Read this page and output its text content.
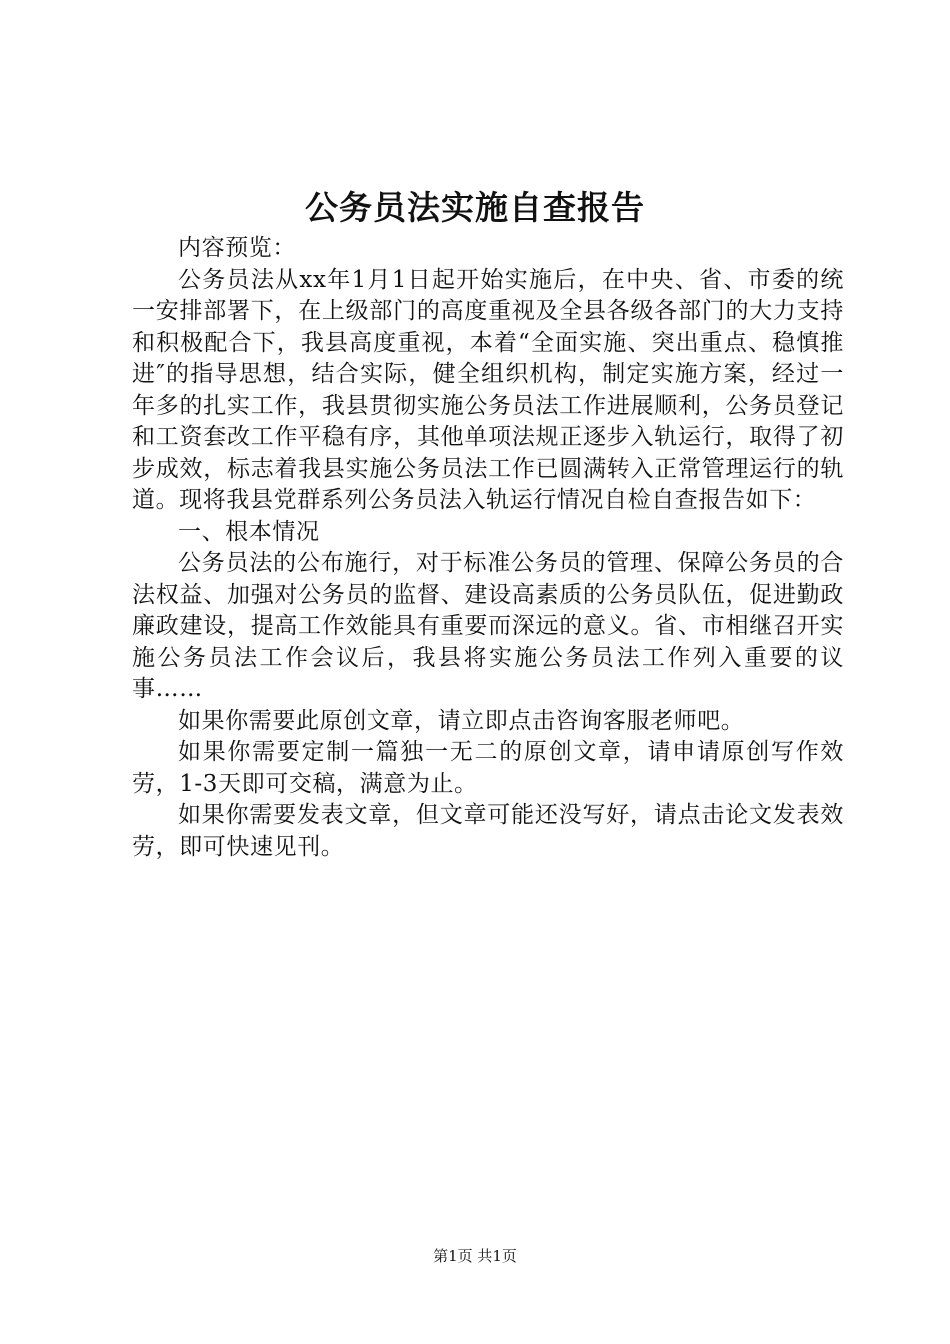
公务员法实施自查报告

内容预览：

公务员法从xx年1月1日起开始实施后，在中央、省、市委的统一安排部署下，在上级部门的高度重视及全县各级各部门的大力支持和积极配合下，我县高度重视，本着“全面实施、突出重点、稳慎推进″的指导思想，结合实际，健全组织机构，制定实施方案，经过一年多的扎实工作，我县贯彻实施公务员法工作进展顺利，公务员登记和工资套改工作平稳有序，其他单项法规正逐步入轨运行，取得了初步成效，标志着我县实施公务员法工作已圆满转入正常管理运行的轨道。现将我县党群系列公务员法入轨运行情况自检自查报告如下：

一、根本情况

公务员法的公布施行，对于标准公务员的管理、保障公务员的合法权益、加强对公务员的监督、建设高素质的公务员队伍，促进勤政廉政建设，提高工作效能具有重要而深远的意义。省、市相继召开实施公务员法工作会议后，我县将实施公务员法工作列入重要的议事……

如果你需要此原创文章，请立即点击咨询客服老师吧。

如果你需要定制一篇独一无二的原创文章，请申请原创写作效劳，1-3天即可交稿，满意为止。

如果你需要发表文章，但文章可能还没写好，请点击论文发表效劳，即可快速见刊。

第1页 共1页
